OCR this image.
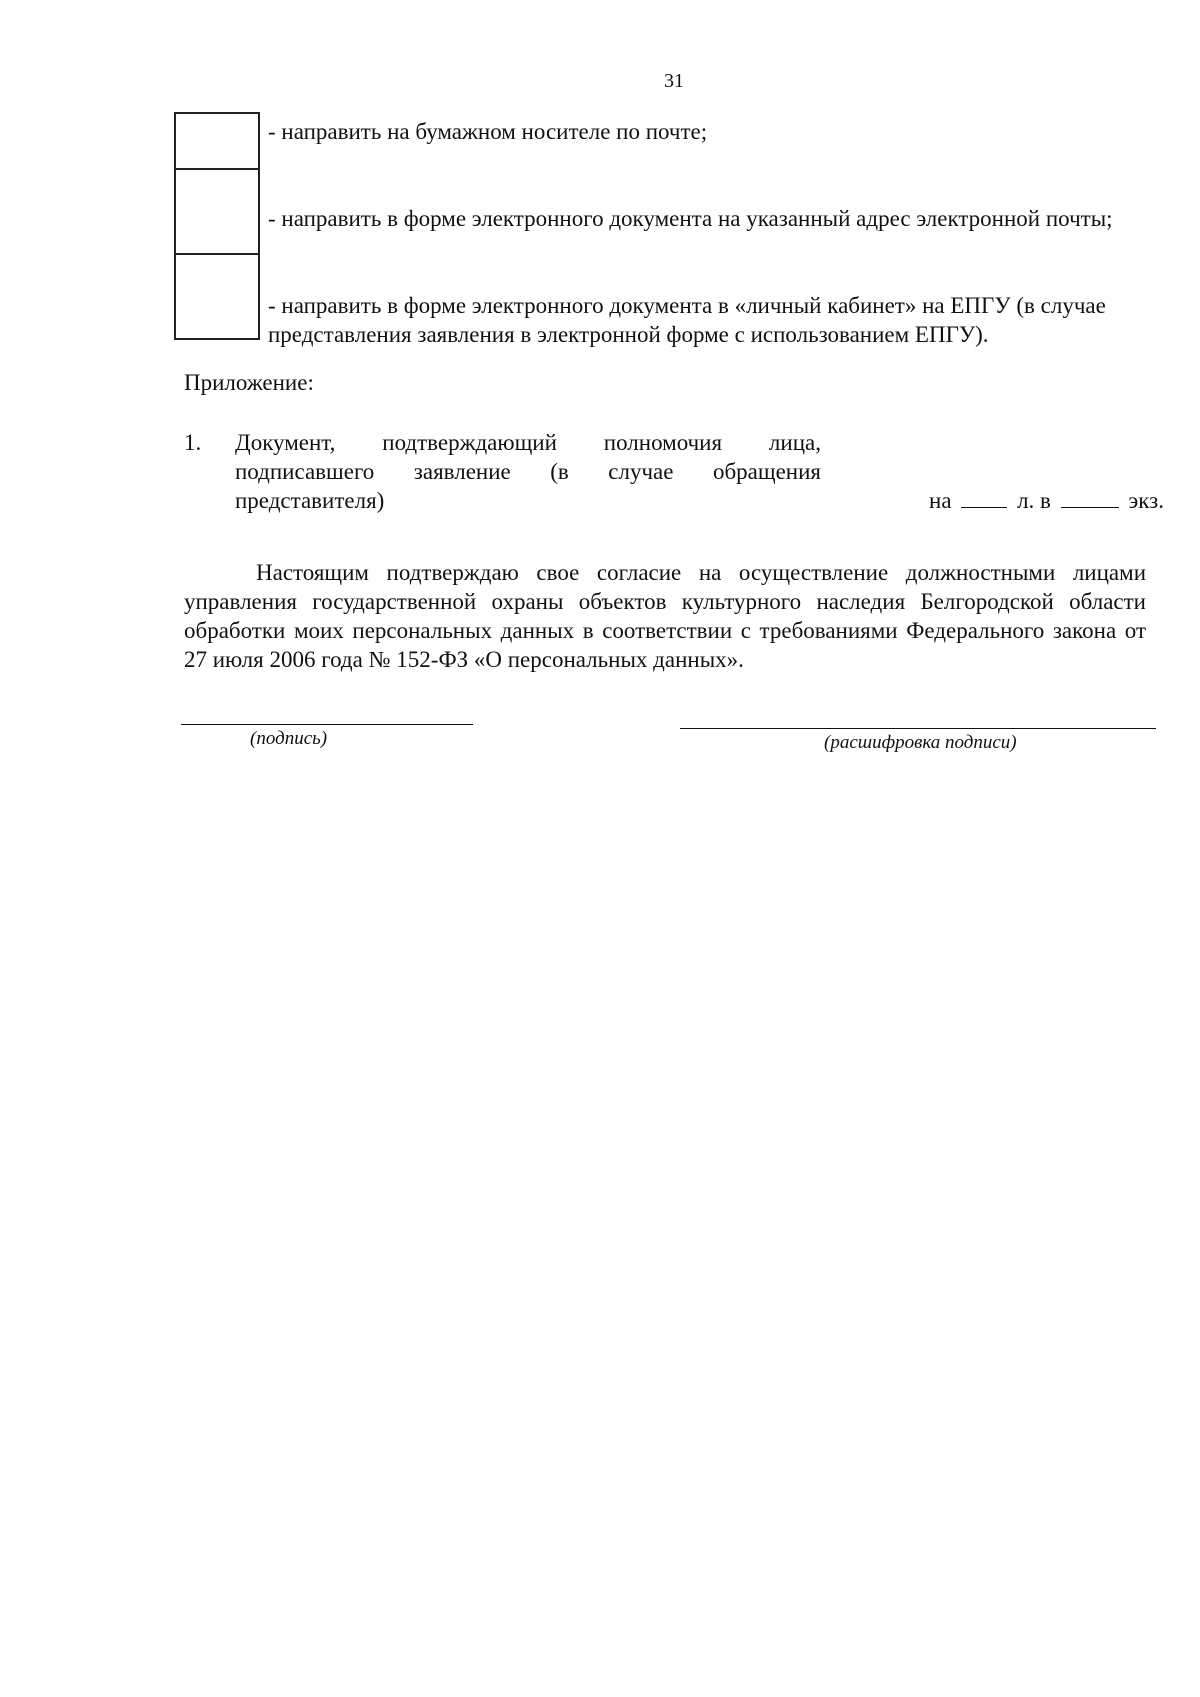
31
- направить на бумажном носителе по почте;
- направить в форме электронного документа на указанный адрес электронной почты;
- направить в форме электронного документа в «личный кабинет» на ЕПГУ (в случае
представления заявления в электронной форме с использованием ЕПГУ).
Приложение:
1. Документ, подтверждающий полномочия лица, подписавшего заявление (в случае обращения представителя)	на	л. в	экз.
Настоящим подтверждаю свое согласие на осуществление должностными лицами управления государственной охраны объектов культурного наследия Белгородской области обработки моих персональных данных в соответствии с требованиями Федерального закона от 27 июля 2006 года № 152-ФЗ «О персональных данных».
(подпись)	(расшифровка подписи)
